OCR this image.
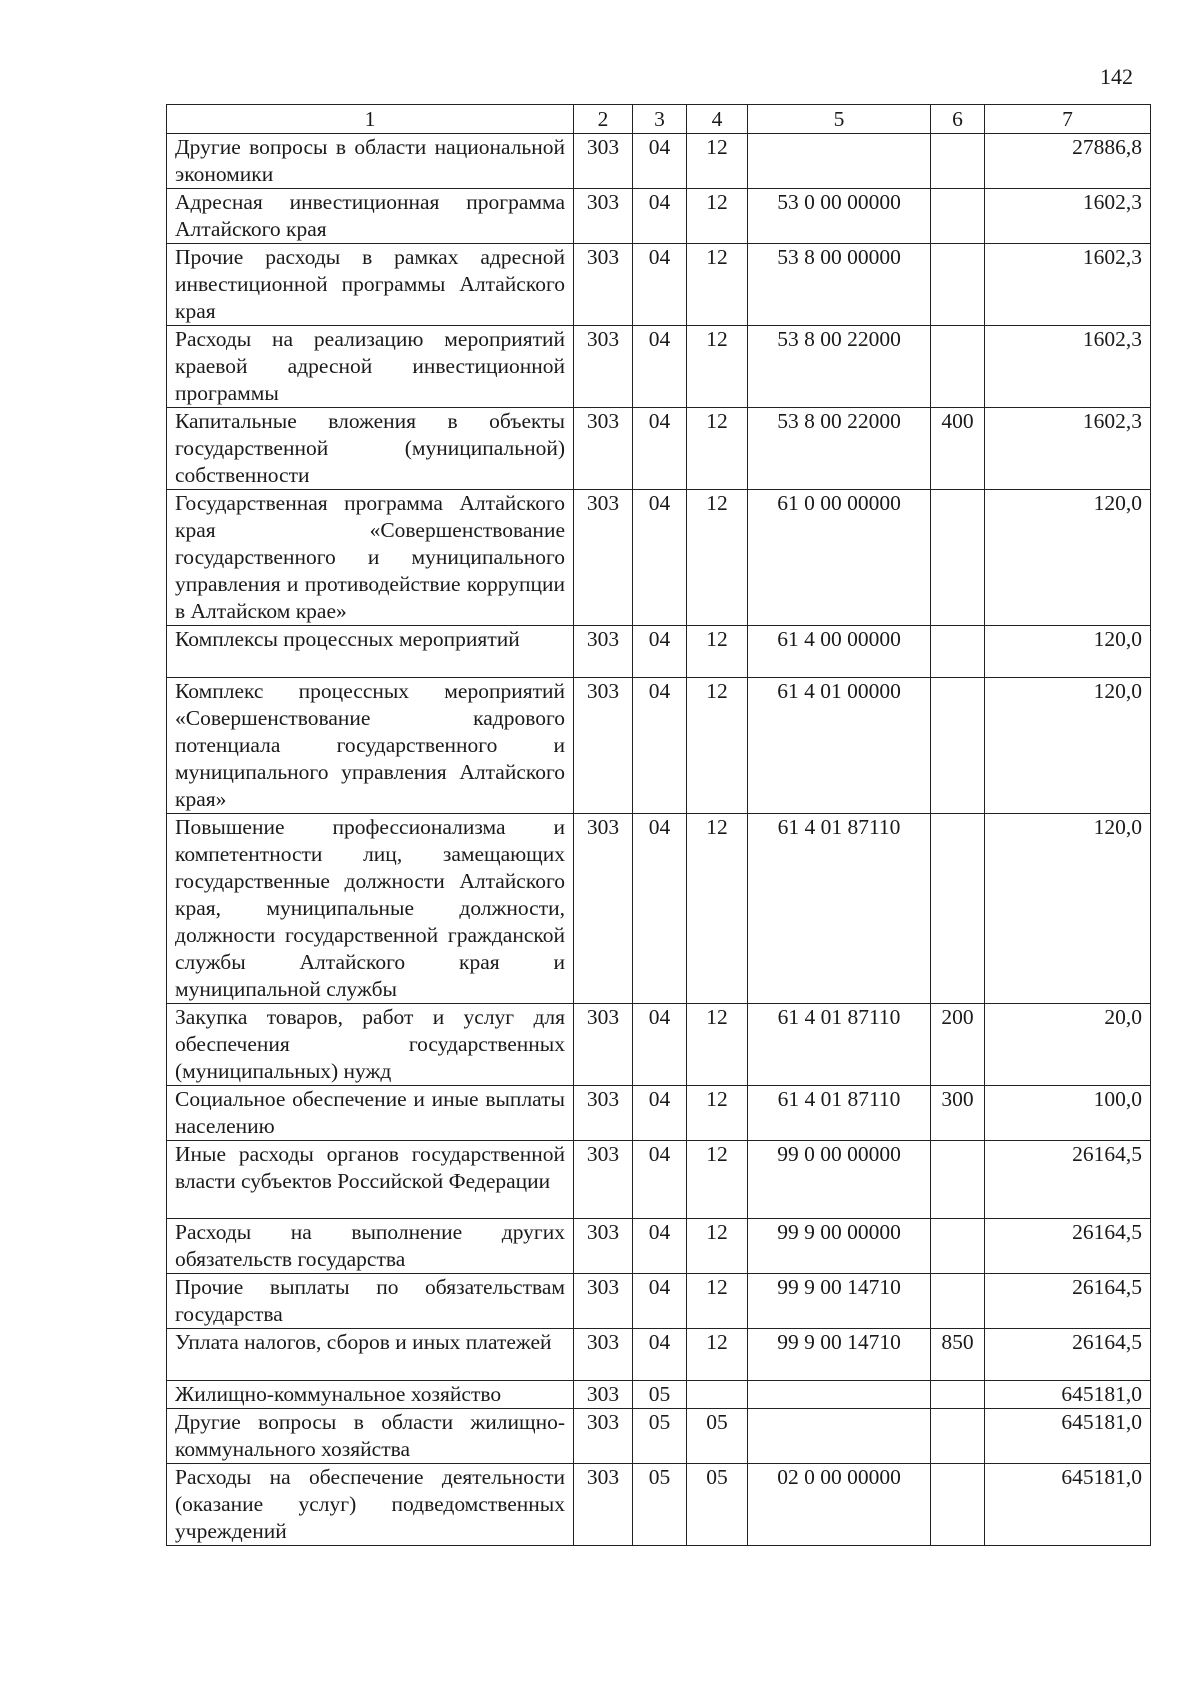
142
1	2	3	4	5	6	7
Другие вопросы в области национальной экономики	303	04	12			27886,8
Адресная инвестиционная программа Алтайского края	303	04	12	53 0 00 00000		1602,3
Прочие расходы в рамках адресной инвестиционной программы Алтайского края	303	04	12	53 8 00 00000		1602,3
Расходы на реализацию мероприятий краевой адресной инвестиционной программы	303	04	12	53 8 00 22000		1602,3
Капитальные вложения в объекты государственной (муниципальной) собственности	303	04	12	53 8 00 22000	400	1602,3
Государственная программа Алтайского края «Совершенствование государственного и муниципального управления и противодействие коррупции в Алтайском крае»	303	04	12	61 0 00 00000		120,0
Комплексы процессных мероприятий	303	04	12	61 4 00 00000		120,0
Комплекс процессных мероприятий «Совершенствование кадрового потенциала государственного и муниципального управления Алтайского края»	303	04	12	61 4 01 00000		120,0
Повышение профессионализма и компетентности лиц, замещающих государственные должности Алтайского края, муниципальные должности, должности государственной гражданской службы Алтайского края и муниципальной службы	303	04	12	61 4 01 87110		120,0
Закупка товаров, работ и услуг для обеспечения государственных (муниципальных) нужд	303	04	12	61 4 01 87110	200	20,0
Социальное обеспечение и иные выплаты населению	303	04	12	61 4 01 87110	300	100,0
Иные расходы органов государственной власти субъектов Российской Федерации	303	04	12	99 0 00 00000		26164,5
Расходы на выполнение других обязательств государства	303	04	12	99 9 00 00000		26164,5
Прочие выплаты по обязательствам государства	303	04	12	99 9 00 14710		26164,5
Уплата налогов, сборов и иных платежей	303	04	12	99 9 00 14710	850	26164,5
Жилищно-коммунальное хозяйство	303	05				645181,0
Другие вопросы в области жилищно-коммунального хозяйства	303	05	05			645181,0
Расходы на обеспечение деятельности (оказание услуг) подведомственных учреждений	303	05	05	02 0 00 00000		645181,0
